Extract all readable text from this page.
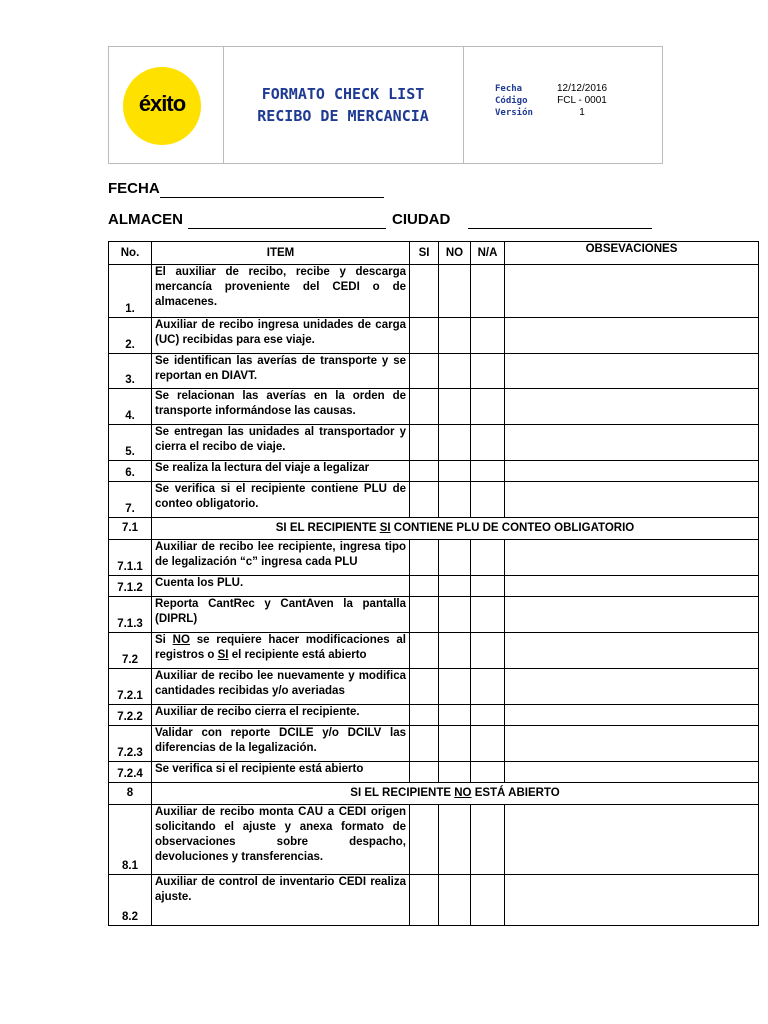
éxito	FORMATO CHECK LIST
RECIBO DE MERCANCIA
Fecha	12/12/2016
Código	FCL - 0001
Versión	1
FECHA
ALMACEN	CIUDAD
No.	ITEM	SI	NO	N/A	OBSEVACIONES
1.	El auxiliar de recibo, recibe y descarga mercancía proveniente del CEDI o de almacenes.				
2.	Auxiliar de recibo ingresa unidades de carga (UC) recibidas para ese viaje.				
3.	Se identifican las averías de transporte y se reportan en DIAVT.				
4.	Se relacionan las averías en la orden de transporte informándose las causas.				
5.	Se entregan las unidades al transportador y cierra el recibo de viaje.				
6.	Se realiza la lectura del viaje a legalizar				
7.	Se verifica si el recipiente contiene PLU de conteo obligatorio.				
7.1	SI EL RECIPIENTE SI CONTIENE PLU DE CONTEO OBLIGATORIO				
7.1.1	Auxiliar de recibo lee recipiente, ingresa tipo de legalización “c” ingresa cada PLU				
7.1.2	Cuenta los PLU.				
7.1.3	Reporta CantRec y CantAven la pantalla (DIPRL)				
7.2	Si NO se requiere hacer modificaciones al registros o SI el recipiente está abierto				
7.2.1	Auxiliar de recibo lee nuevamente y modifica cantidades recibidas y/o averiadas				
7.2.2	Auxiliar de recibo cierra el recipiente.				
7.2.3	Validar con reporte DCILE y/o DCILV las diferencias de la legalización.				
7.2.4	Se verifica si el recipiente está abierto				
8	SI EL RECIPIENTE NO ESTÁ ABIERTO				
8.1	Auxiliar de recibo monta CAU a CEDI origen solicitando el ajuste y anexa formato de observaciones sobre despacho, devoluciones y transferencias.				
8.2	Auxiliar de control de inventario CEDI realiza ajuste.				
